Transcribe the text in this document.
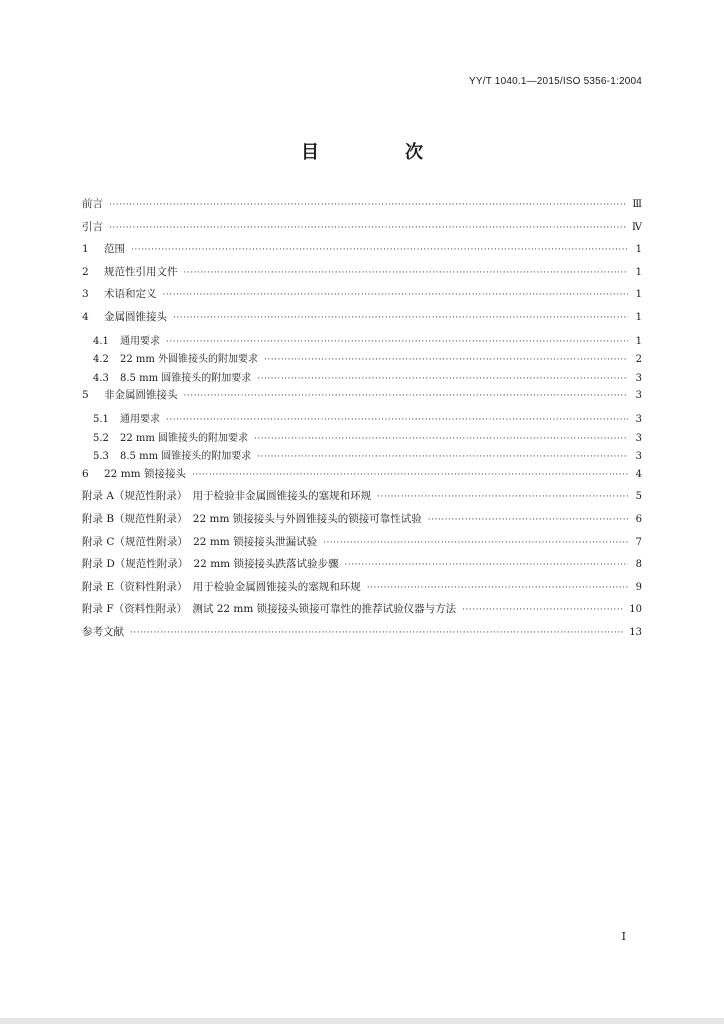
YY/T 1040.1—2015/ISO 5356-1:2004
目　次
前言 ·····	Ⅲ
引言 ·····	Ⅳ
1	范围 ·····	1
2	规范性引用文件 ·····	1
3	术语和定义 ·····	1
4	金属圆锥接头 ·····	1
4.1	通用要求 ·····	1
4.2	22 mm 外圆锥接头的附加要求 ·····	2
4.3	8.5 mm 圆锥接头的附加要求 ·····	3
5	非金属圆锥接头 ·····	3
5.1	通用要求 ·····	3
5.2	22 mm 圆锥接头的附加要求 ·····	3
5.3	8.5 mm 圆锥接头的附加要求 ·····	3
6	22 mm 锁接接头 ·····	4
附录 A（规范性附录）　用于检验非金属圆锥接头的塞规和环规 ·····	5
附录 B（规范性附录）　22 mm 锁接接头与外圆锥接头的锁接可靠性试验 ·····	6
附录 C（规范性附录）　22 mm 锁接接头泄漏试验 ·····	7
附录 D（规范性附录）　22 mm 锁接接头跌落试验步骤 ·····	8
附录 E（资料性附录）　用于检验金属圆锥接头的塞规和环规 ·····	9
附录 F（资料性附录）　测试 22 mm 锁接接头锁接可靠性的推荐试验仪器与方法 ·····	10
参考文献 ·····	13
I
